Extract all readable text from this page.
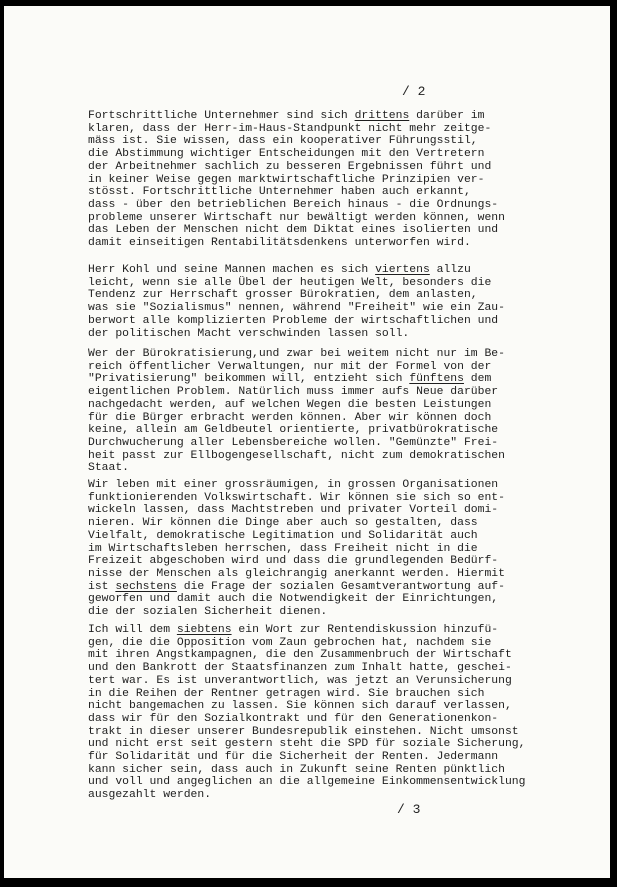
/ 2
Fortschrittliche Unternehmer sind sich drittens darüber im
klaren, dass der Herr-im-Haus-Standpunkt nicht mehr zeitge-
mäss ist. Sie wissen, dass ein kooperativer Führungsstil,
die Abstimmung wichtiger Entscheidungen mit den Vertretern
der Arbeitnehmer sachlich zu besseren Ergebnissen führt und
in keiner Weise gegen marktwirtschaftliche Prinzipien ver-
stösst. Fortschrittliche Unternehmer haben auch erkannt,
dass - über den betrieblichen Bereich hinaus - die Ordnungs-
probleme unserer Wirtschaft nur bewältigt werden können, wenn
das Leben der Menschen nicht dem Diktat eines isolierten und
damit einseitigen Rentabilitätsdenkens unterworfen wird.
Herr Kohl und seine Mannen machen es sich viertens allzu
leicht, wenn sie alle Übel der heutigen Welt, besonders die
Tendenz zur Herrschaft grosser Bürokratien, dem anlasten,
was sie "Sozialismus" nennen, während "Freiheit" wie ein Zau-
berwort alle komplizierten Probleme der wirtschaftlichen und
der politischen Macht verschwinden lassen soll.
Wer der Bürokratisierung,und zwar bei weitem nicht nur im Be-
reich öffentlicher Verwaltungen, nur mit der Formel von der
"Privatisierung" beikommen will, entzieht sich fünftens dem
eigentlichen Problem. Natürlich muss immer aufs Neue darüber
nachgedacht werden, auf welchen Wegen die besten Leistungen
für die Bürger erbracht werden können. Aber wir können doch
keine, allein am Geldbeutel orientierte, privatbürokratische
Durchwucherung aller Lebensbereiche wollen. "Gemünzte" Frei-
heit passt zur Ellbogengesellschaft, nicht zum demokratischen
Staat.
Wir leben mit einer grossräumigen, in grossen Organisationen
funktionierenden Volkswirtschaft. Wir können sie sich so ent-
wickeln lassen, dass Machtstreben und privater Vorteil domi-
nieren. Wir können die Dinge aber auch so gestalten, dass
Vielfalt, demokratische Legitimation und Solidarität auch
im Wirtschaftsleben herrschen, dass Freiheit nicht in die
Freizeit abgeschoben wird und dass die grundlegenden Bedürf-
nisse der Menschen als gleichrangig anerkannt werden. Hiermit
ist sechstens die Frage der sozialen Gesamtverantwortung auf-
geworfen und damit auch die Notwendigkeit der Einrichtungen,
die der sozialen Sicherheit dienen.
Ich will dem siebtens ein Wort zur Rentendiskussion hinzufü-
gen, die die Opposition vom Zaun gebrochen hat, nachdem sie
mit ihren Angstkampagnen, die den Zusammenbruch der Wirtschaft
und den Bankrott der Staatsfinanzen zum Inhalt hatte, geschei-
tert war. Es ist unverantwortlich, was jetzt an Verunsicherung
in die Reihen der Rentner getragen wird. Sie brauchen sich
nicht bangemachen zu lassen. Sie können sich darauf verlassen,
dass wir für den Sozialkontrakt und für den Generationenkon-
trakt in dieser unserer Bundesrepublik einstehen. Nicht umsonst
und nicht erst seit gestern steht die SPD für soziale Sicherung,
für Solidarität und für die Sicherheit der Renten. Jedermann
kann sicher sein, dass auch in Zukunft seine Renten pünktlich
und voll und angeglichen an die allgemeine Einkommensentwicklung
ausgezahlt werden.
/ 3
